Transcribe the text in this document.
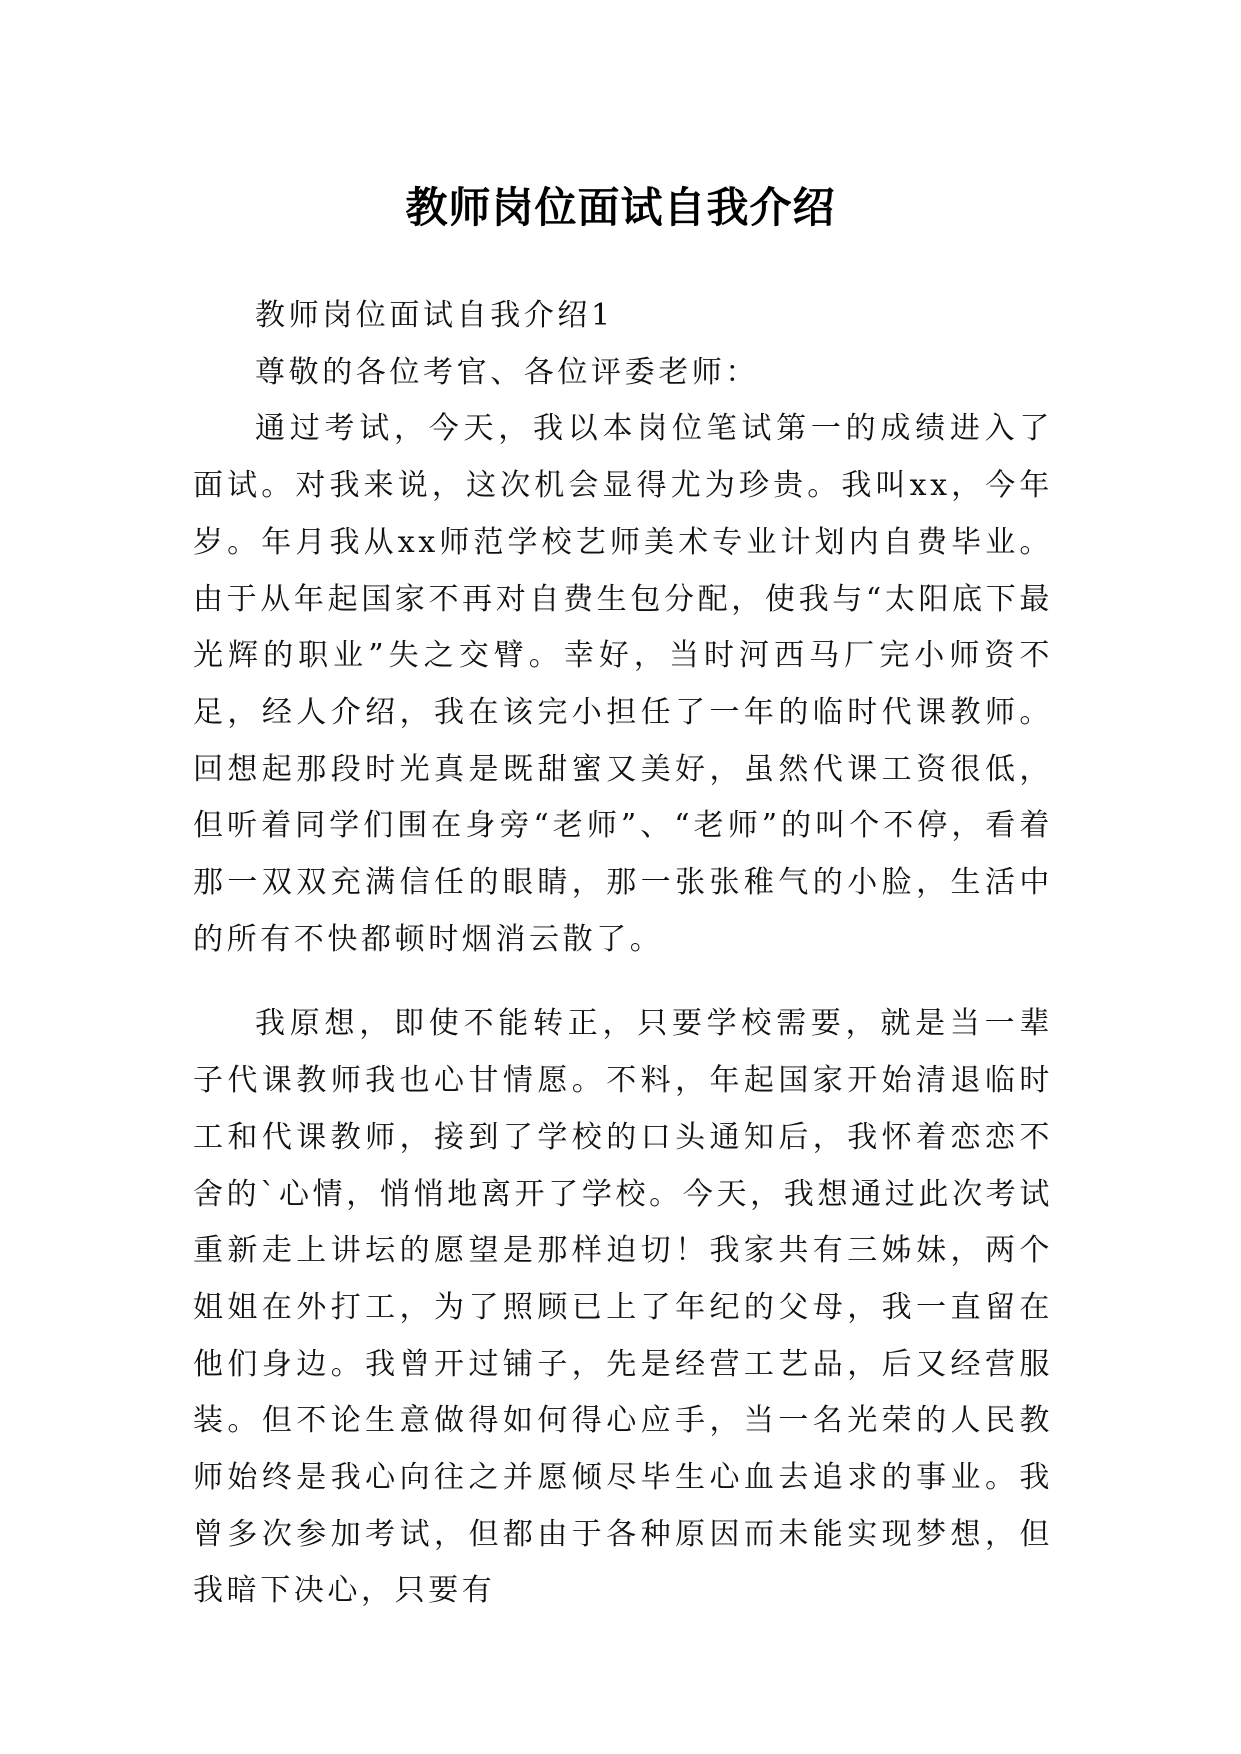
教师岗位面试自我介绍

教师岗位面试自我介绍1

尊敬的各位考官、各位评委老师：

通过考试，今天，我以本岗位笔试第一的成绩进入了面试。对我来说，这次机会显得尤为珍贵。我叫xx，今年岁。年月我从xx师范学校艺师美术专业计划内自费毕业。由于从年起国家不再对自费生包分配，使我与“太阳底下最光辉的职业”失之交臂。幸好，当时河西马厂完小师资不足，经人介绍，我在该完小担任了一年的临时代课教师。回想起那段时光真是既甜蜜又美好，虽然代课工资很低，但听着同学们围在身旁“老师”、“老师”的叫个不停，看着那一双双充满信任的眼睛，那一张张稚气的小脸，生活中的所有不快都顿时烟消云散了。

我原想，即使不能转正，只要学校需要，就是当一辈子代课教师我也心甘情愿。不料，年起国家开始清退临时工和代课教师，接到了学校的口头通知后，我怀着恋恋不舍的`心情，悄悄地离开了学校。今天，我想通过此次考试重新走上讲坛的愿望是那样迫切！我家共有三姊妹，两个姐姐在外打工，为了照顾已上了年纪的父母，我一直留在他们身边。我曾开过铺子，先是经营工艺品，后又经营服装。但不论生意做得如何得心应手，当一名光荣的人民教师始终是我心向往之并愿倾尽毕生心血去追求的事业。我曾多次参加考试，但都由于各种原因而未能实现梦想，但我暗下决心，只要有
